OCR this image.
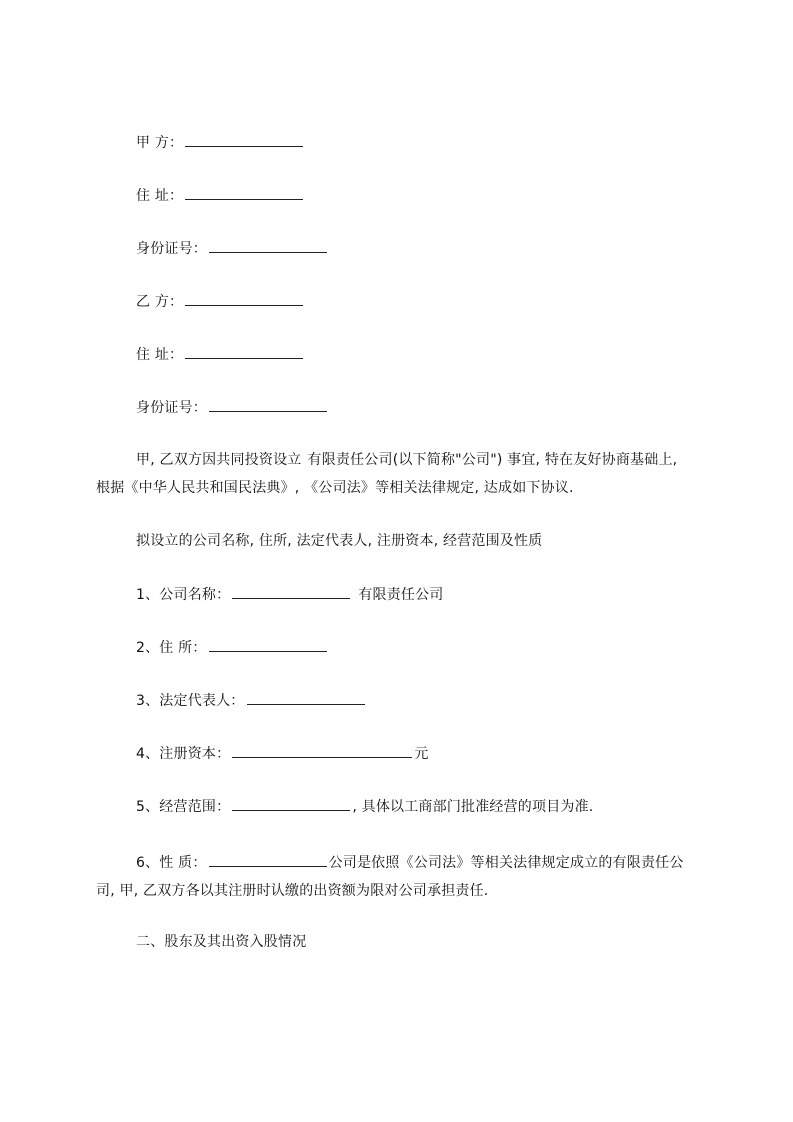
甲 方：
住 址：
身份证号：
乙 方：
住 址：
身份证号：
甲, 乙双方因共同投资设立 有限责任公司(以下简称"公司") 事宜, 特在友好协商基础上, 根据《中华人民共和国民法典》, 《公司法》等相关法律规定, 达成如下协议.
拟设立的公司名称, 住所, 法定代表人, 注册资本, 经营范围及性质
1、公司名称：	有限责任公司
2、住 所：
3、法定代表人：
4、注册资本：	元
5、经营范围：	, 具体以工商部门批准经营的项目为准.
6、性 质：	公司是依照《公司法》等相关法律规定成立的有限责任公司, 甲, 乙双方各以其注册时认缴的出资额为限对公司承担责任.
二、股东及其出资入股情况
